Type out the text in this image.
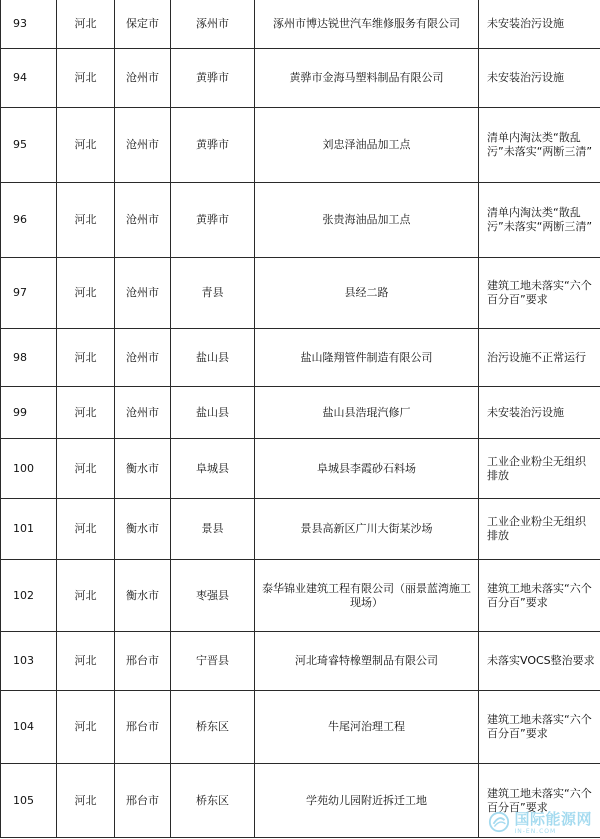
93	河北	保定市	涿州市	涿州市博达锐世汽车维修服务有限公司	未安装治污设施
94	河北	沧州市	黄骅市	黄骅市金海马塑料制品有限公司	未安装治污设施
95	河北	沧州市	黄骅市	刘忠泽油品加工点	清单内淘汰类“散乱污”未落实“两断三清”
96	河北	沧州市	黄骅市	张贵海油品加工点	清单内淘汰类“散乱污”未落实“两断三清”
97	河北	沧州市	青县	县经二路	建筑工地未落实“六个百分百”要求
98	河北	沧州市	盐山县	盐山隆翔管件制造有限公司	治污设施不正常运行
99	河北	沧州市	盐山县	盐山县浩琨汽修厂	未安装治污设施
100	河北	衡水市	阜城县	阜城县李霞砂石料场	工业企业粉尘无组织排放
101	河北	衡水市	景县	景县高新区广川大街某沙场	工业企业粉尘无组织排放
102	河北	衡水市	枣强县	泰华锦业建筑工程有限公司（丽景蓝湾施工现场）	建筑工地未落实“六个百分百”要求
103	河北	邢台市	宁晋县	河北琦睿特橡塑制品有限公司	未落实VOCS整治要求
104	河北	邢台市	桥东区	牛尾河治理工程	建筑工地未落实“六个百分百”要求
105	河北	邢台市	桥东区	学苑幼儿园附近拆迁工地	建筑工地未落实“六个百分百”要求
国际能源网
IN-EN.COM
